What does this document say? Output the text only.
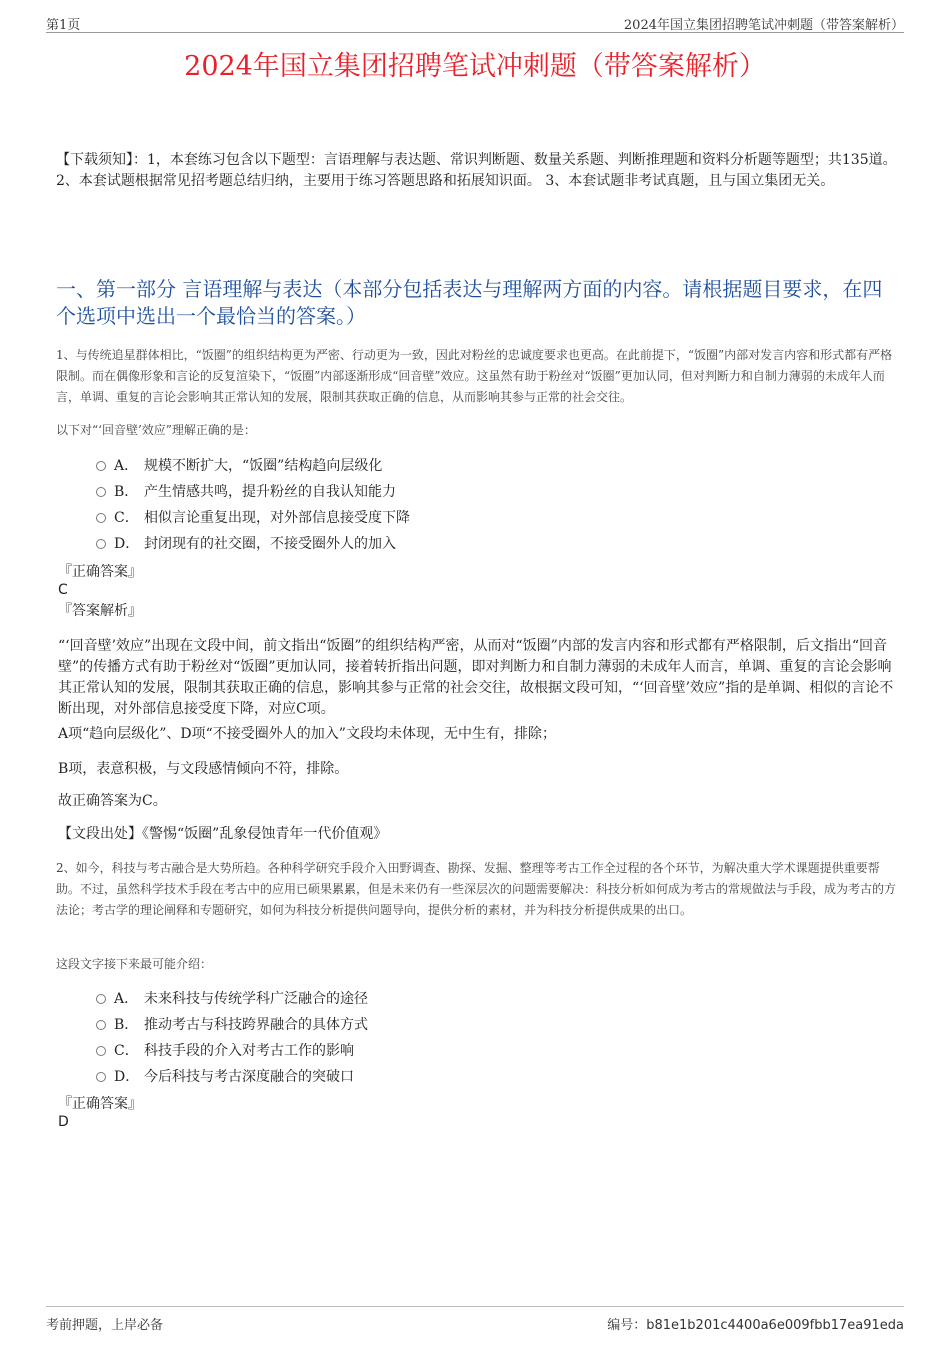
第1页	2024年国立集团招聘笔试冲刺题（带答案解析）
2024年国立集团招聘笔试冲刺题（带答案解析）
【下载须知】：1，本套练习包含以下题型：言语理解与表达题、常识判断题、数量关系题、判断推理题和资料分析题等题型；共135道。 2、本套试题根据常见招考题总结归纳，主要用于练习答题思路和拓展知识面。 3、本套试题非考试真题，且与国立集团无关。
一、第一部分 言语理解与表达（本部分包括表达与理解两方面的内容。请根据题目要求，在四个选项中选出一个最恰当的答案。）
1、与传统追星群体相比，“饭圈”的组织结构更为严密、行动更为一致，因此对粉丝的忠诚度要求也更高。在此前提下，“饭圈”内部对发言内容和形式都有严格限制。而在偶像形象和言论的反复渲染下，“饭圈”内部逐渐形成“回音壁”效应。这虽然有助于粉丝对“饭圈”更加认同，但对判断力和自制力薄弱的未成年人而言，单调、重复的言论会影响其正常认知的发展，限制其获取正确的信息，从而影响其参与正常的社会交往。
以下对“‘回音壁’效应”理解正确的是：
A． 规模不断扩大，“饭圈”结构趋向层级化
B． 产生情感共鸣，提升粉丝的自我认知能力
C． 相似言论重复出现，对外部信息接受度下降
D． 封闭现有的社交圈，不接受圈外人的加入
『正确答案』
C
『答案解析』
“‘回音壁’效应”出现在文段中间，前文指出“饭圈”的组织结构严密，从而对“饭圈”内部的发言内容和形式都有严格限制，后文指出“回音壁”的传播方式有助于粉丝对“饭圈”更加认同，接着转折指出问题，即对判断力和自制力薄弱的未成年人而言，单调、重复的言论会影响其正常认知的发展，限制其获取正确的信息，影响其参与正常的社会交往，故根据文段可知，“‘回音壁’效应”指的是单调、相似的言论不断出现，对外部信息接受度下降，对应C项。
A项“趋向层级化”、D项“不接受圈外人的加入”文段均未体现，无中生有，排除；
B项，表意积极，与文段感情倾向不符，排除。
故正确答案为C。
【文段出处】《警惕“饭圈”乱象侵蚀青年一代价值观》
2、如今，科技与考古融合是大势所趋。各种科学研究手段介入田野调查、勘探、发掘、整理等考古工作全过程的各个环节，为解决重大学术课题提供重要帮助。不过，虽然科学技术手段在考古中的应用已硕果累累，但是未来仍有一些深层次的问题需要解决：科技分析如何成为考古的常规做法与手段，成为考古的方法论；考古学的理论阐释和专题研究，如何为科技分析提供问题导向，提供分析的素材，并为科技分析提供成果的出口。
这段文字接下来最可能介绍：
A． 未来科技与传统学科广泛融合的途径
B． 推动考古与科技跨界融合的具体方式
C． 科技手段的介入对考古工作的影响
D． 今后科技与考古深度融合的突破口
『正确答案』
D
考前押题，上岸必备	编号：b81e1b201c4400a6e009fbb17ea91eda
